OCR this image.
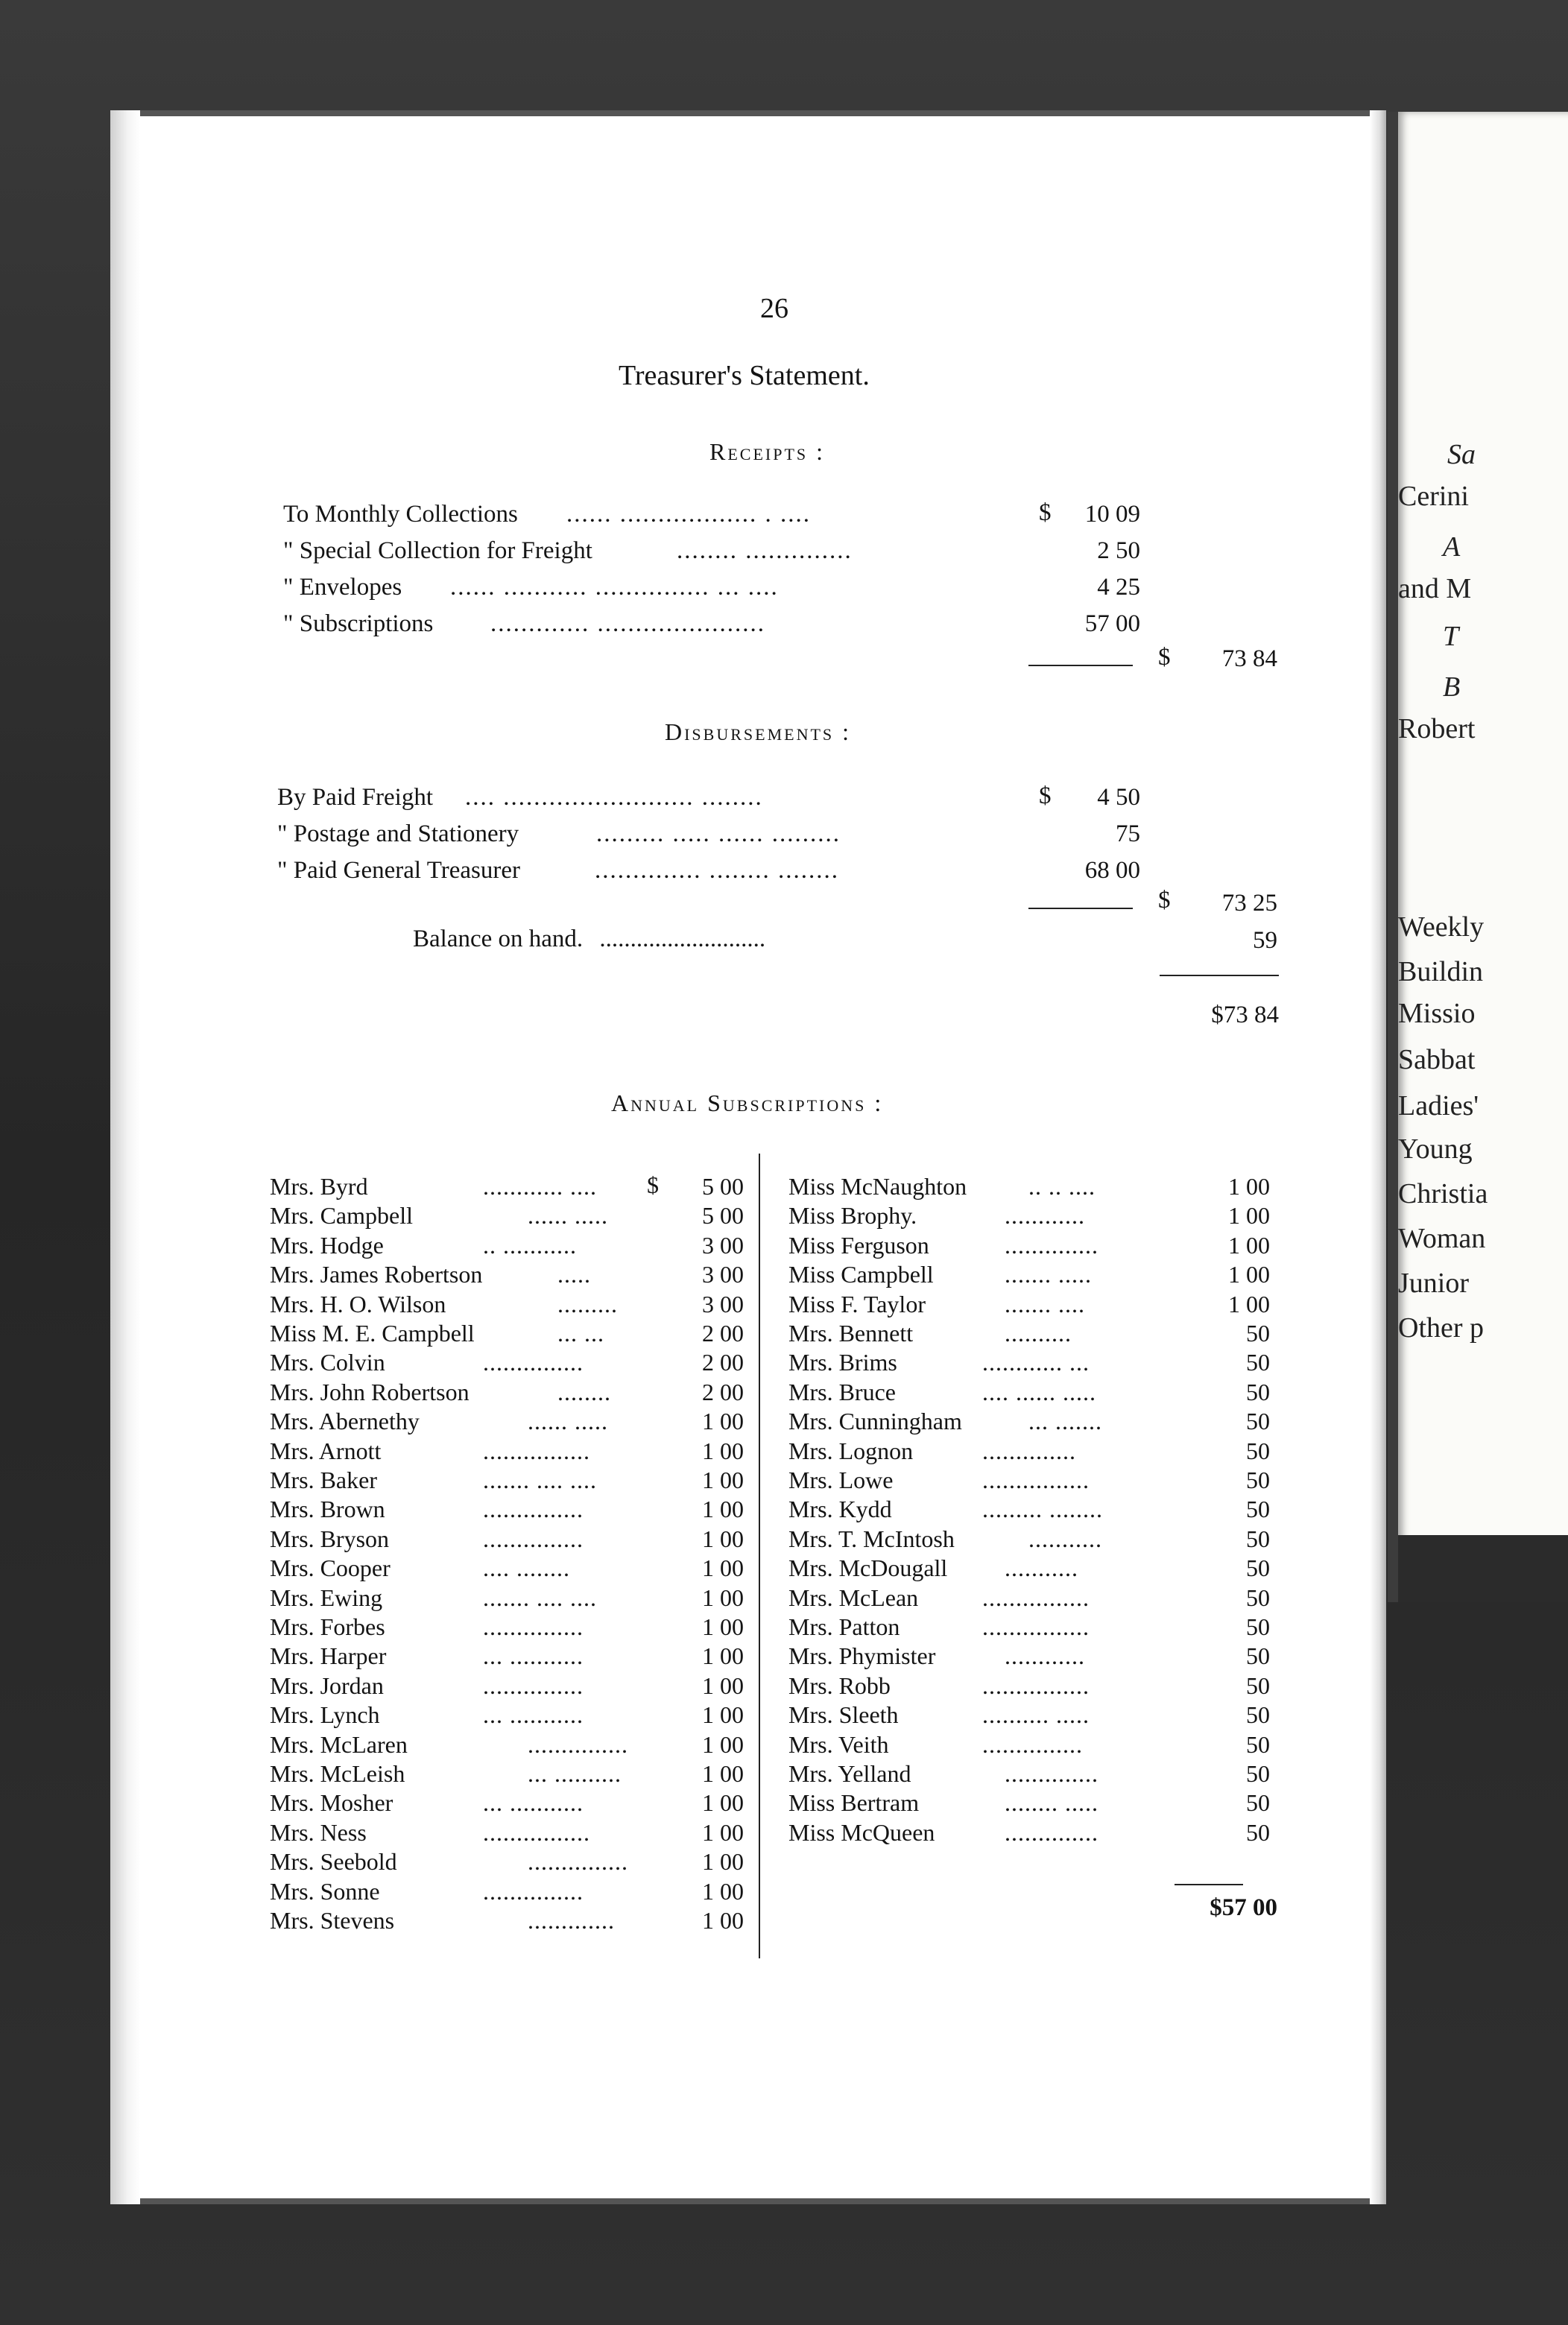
Sa
Cerini
A
and M
T
B
Robert
Weekly
Buildin
Missio
Sabbat
Ladies'
Young
Christia
Woman
Junior
Other p
26
Treasurer's Statement.
Receipts :
To Monthly Collections ...... .................. . ....	$	10 09
" Special Collection for Freight	........ ..............	2 50
" Envelopes ...... ........... ............... ... ....	4 25
" Subscriptions ............. ......................	57 00
$	73 84
Disbursements :
By Paid Freight .... ......................... ........	$	4 50
" Postage and Stationery	......... ..... ...... .........	75
" Paid General Treasurer	.............. ........ ........	68 00
$	73 25
Balance on hand. ...........................	59
$73 84
Annual Subscriptions :
$
Mrs. Byrd	............ ....	5 00
Mrs. Campbell	...... .....	5 00
Mrs. Hodge	.. ...........	3 00
Mrs. James Robertson	.....	3 00
Mrs. H. O. Wilson	.........	3 00
Miss M. E. Campbell	... ...	2 00
Mrs. Colvin	...............	2 00
Mrs. John Robertson	........	2 00
Mrs. Abernethy	...... .....	1 00
Mrs. Arnott	................	1 00
Mrs. Baker	....... .... ....	1 00
Mrs. Brown	...............	1 00
Mrs. Bryson	...............	1 00
Mrs. Cooper	.... ........	1 00
Mrs. Ewing	....... .... ....	1 00
Mrs. Forbes	...............	1 00
Mrs. Harper	... ...........	1 00
Mrs. Jordan	...............	1 00
Mrs. Lynch	... ...........	1 00
Mrs. McLaren	...............	1 00
Mrs. McLeish	... ..........	1 00
Mrs. Mosher	... ...........	1 00
Mrs. Ness	................	1 00
Mrs. Seebold	...............	1 00
Mrs. Sonne	...............	1 00
Mrs. Stevens	.............	1 00
Miss McNaughton	.. .. ....	1 00
Miss Brophy.	............	1 00
Miss Ferguson	..............	1 00
Miss Campbell	....... .....	1 00
Miss F. Taylor	....... ....	1 00
Mrs. Bennett	..........	50
Mrs. Brims	............ ...	50
Mrs. Bruce	.... ...... .....	50
Mrs. Cunningham	... .......	50
Mrs. Lognon	..............	50
Mrs. Lowe	................	50
Mrs. Kydd	......... ........	50
Mrs. T. McIntosh	...........	50
Mrs. McDougall ...........	50
Mrs. McLean	................	50
Mrs. Patton	................	50
Mrs. Phymister	............	50
Mrs. Robb	................	50
Mrs. Sleeth	.......... .....	50
Mrs. Veith	...............	50
Mrs. Yelland	..............	50
Miss Bertram	........ .....	50
Miss McQueen	..............	50
$57 00
